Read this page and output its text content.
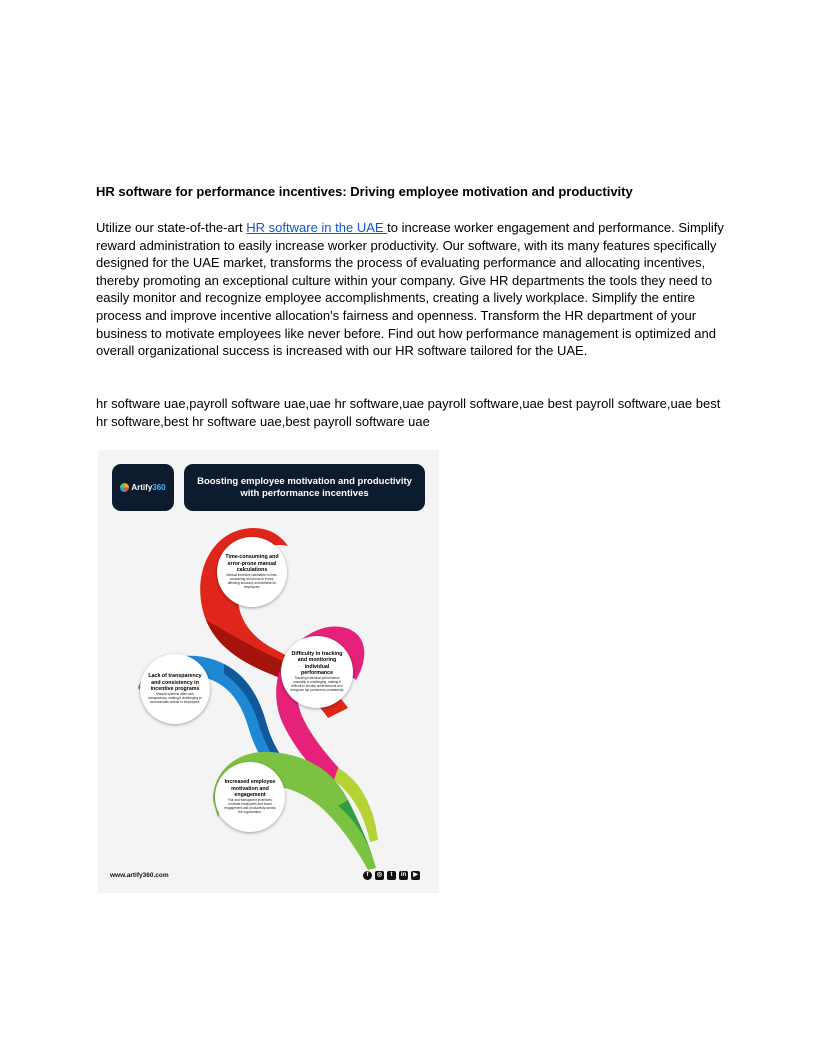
HR software for performance incentives: Driving employee motivation and productivity

Utilize our state-of-the-art HR software in the UAE to increase worker engagement and performance. Simplify reward administration to easily increase worker productivity. Our software, with its many features specifically designed for the UAE market, transforms the process of evaluating performance and allocating incentives, thereby promoting an exceptional culture within your company. Give HR departments the tools they need to easily monitor and recognize employee accomplishments, creating a lively workplace. Simplify the entire process and improve incentive allocation's fairness and openness. Transform the HR department of your business to motivate employees like never before. Find out how performance management is optimized and overall organizational success is increased with our HR software tailored for the UAE.

hr software uae,payroll software uae,uae hr software,uae payroll software,uae best payroll software,uae best hr software,best hr software uae,best payroll software uae

Artify360
Boosting employee motivation and productivity with performance incentives
Time-consuming and error-prone manual calculations
Manual incentive calculation is time-consuming and prone to errors, affecting accuracy and fairness for employees.
Lack of transparency and consistency in incentive programs
Manual systems often lack transparency, making it challenging to communicate criteria to employees.
Difficulty in tracking and monitoring individual performance
Tracking individual performance manually is challenging, making it difficult to identify achievements and recognize top performers consistently.
Increased employee motivation and engagement
Fair and transparent incentives motivate employees and boost engagement and productivity across the organization.
www.artify360.com	f	◎	t	in	▶
